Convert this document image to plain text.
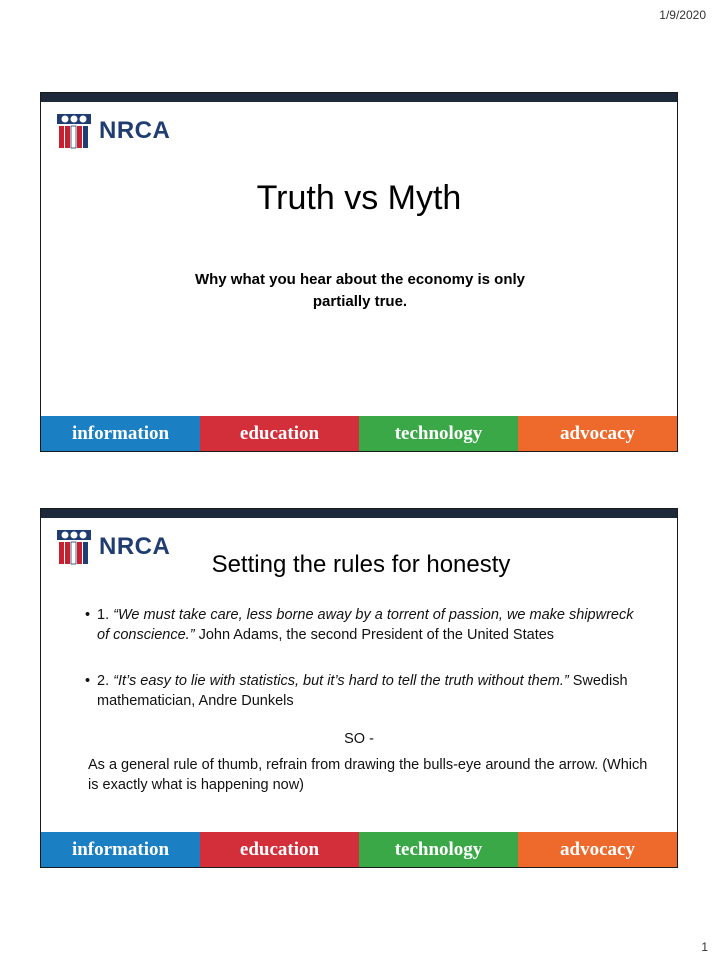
1/9/2020
NRCA
Truth vs Myth
Why what you hear about the economy is only
partially true.
information	education	technology	advocacy
NRCA
Setting the rules for honesty
• 1. “We must take care, less borne away by a torrent of passion, we make shipwreck of conscience.” John Adams, the second President of the United States
• 2. “It’s easy to lie with statistics, but it’s hard to tell the truth without them.” Swedish mathematician, Andre Dunkels
SO -
As a general rule of thumb, refrain from drawing the bulls-eye around the arrow. (Which is exactly what is happening now)
information	education	technology	advocacy
1
